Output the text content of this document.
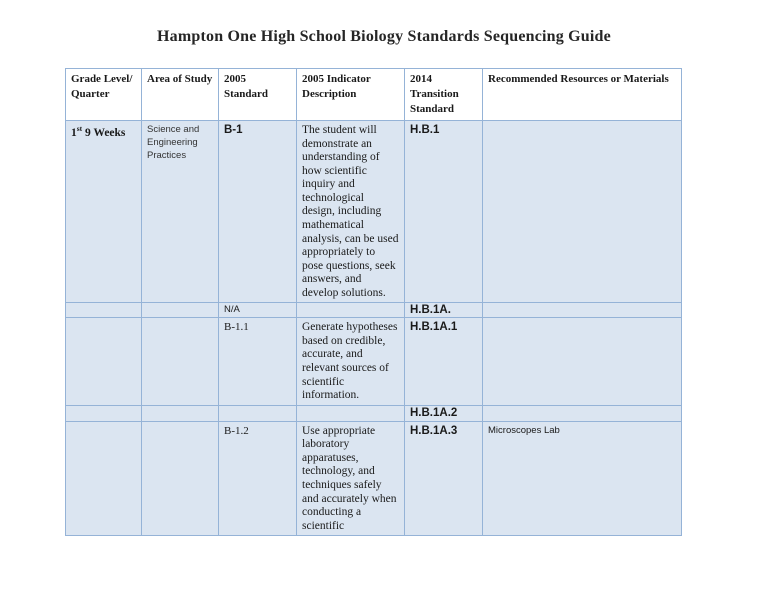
Hampton One High School Biology Standards Sequencing Guide
Grade Level/ Quarter	Area of Study	2005 Standard	2005 Indicator Description	2014 Transition Standard	Recommended Resources or Materials
1st 9 Weeks	Science and Engineering Practices	B-1	The student will demonstrate an understanding of how scientific inquiry and technological design, including mathematical analysis, can be used appropriately to pose questions, seek answers, and develop solutions.	H.B.1	
		N/A		H.B.1A.	
		B-1.1	Generate hypotheses based on credible, accurate, and relevant sources of scientific information.	H.B.1A.1	
				H.B.1A.2	
		B-1.2	Use appropriate laboratory apparatuses, technology, and techniques safely and accurately when conducting a scientific	H.B.1A.3	Microscopes Lab
